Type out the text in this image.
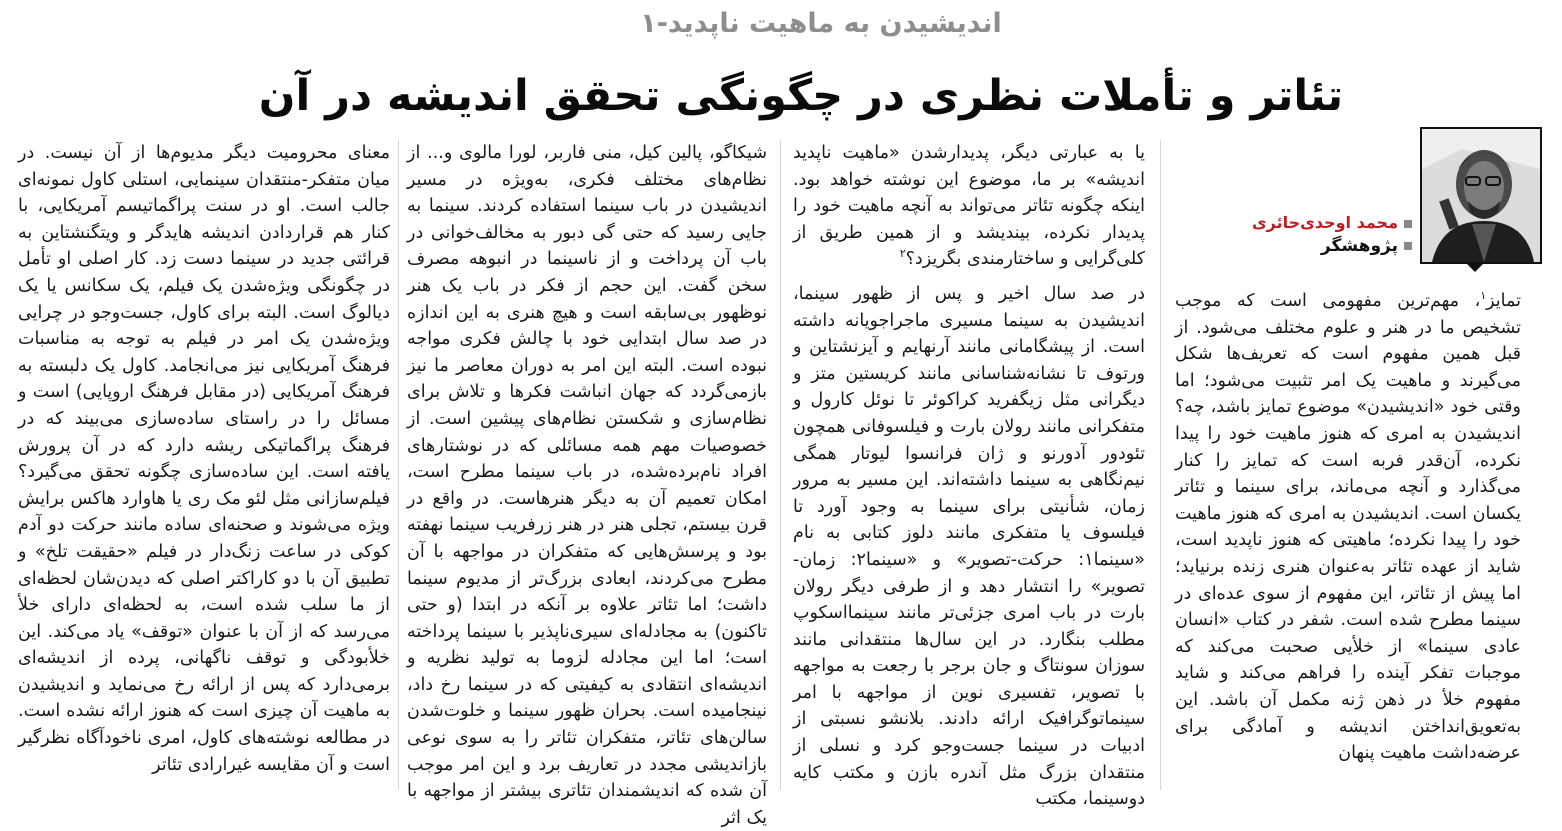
اندیشیدن به ماهیت ناپدید-۱
تئاتر و تأملات نظری در چگونگی تحقق اندیشه در آن
محمد اوحدی‌حائری
پژوهشگر

تمایز$^۱$، مهم‌ترین مفهومی است که موجب تشخیص ما در هنر و علوم مختلف می‌شود. از قبل همین مفهوم است که تعریف‌ها شکل می‌گیرند و ماهیت یک امر تثبیت می‌شود؛ اما وقتی خود «اندیشیدن» موضوع تمایز باشد، چه؟ اندیشیدن به امری که هنوز ماهیت خود را پیدا نکرده، آن‌قدر فربه است که تمایز را کنار می‌گذارد و آنچه می‌ماند، برای سینما و تئاتر یکسان است. اندیشیدن به امری که هنوز ماهیت خود را پیدا نکرده؛ ماهیتی که هنوز ناپدید است، شاید از عهده تئاتر به‌عنوان هنری زنده برنیاید؛ اما پیش از تئاتر، این مفهوم از سوی عده‌ای در سینما مطرح شده است. شفر در کتاب «انسان عادی سینما» از خلأیی صحبت می‌کند که موجبات تفکر آینده را فراهم می‌کند و شاید مفهوم خلأ در ذهن ژنه مکمل آن باشد. این به‌تعویق‌انداختن اندیشه و آمادگی برای عرضه‌داشت ماهیت پنهان

یا به عبارتی دیگر، پدیدارشدن «ماهیت ناپدید اندیشه» بر ما، موضوع این نوشته خواهد بود. اینکه چگونه تئاتر می‌تواند به آنچه ماهیت خود را پدیدار نکرده، بیندیشد و از همین طریق از کلی‌گرایی و ساختارمندی بگریزد؟$^۲$

در صد سال اخیر و پس از ظهور سینما، اندیشیدن به سینما مسیری ماجراجویانه داشته است. از پیشگامانی مانند آرنهایم و آیزنشتاین و ورتوف تا نشانه‌شناسانی مانند کریستین متز و دیگرانی مثل زیگفرید کراکوئر تا نوئل کارول و متفکرانی مانند رولان بارت و فیلسوفانی همچون تئودور آدورنو و ژان فرانسوا لیوتار همگی نیم‌نگاهی به سینما داشته‌اند. این مسیر به مرور زمان، شأنیتی برای سینما به وجود آورد تا فیلسوف یا متفکری مانند دلوز کتابی به نام «سینما۱: حرکت-تصویر» و «سینما۲: زمان-تصویر» را انتشار دهد و از طرفی دیگر رولان بارت در باب امری جزئی‌تر مانند سینمااسکوپ مطلب بنگارد. در این سال‌ها منتقدانی مانند سوزان سونتاگ و جان برجر با رجعت به مواجهه با تصویر، تفسیری نوین از مواجهه با امر سینماتوگرافیک ارائه دادند. بلانشو نسبتی از ادبیات در سینما جست‌وجو کرد و نسلی از منتقدان بزرگ مثل آندره بازن و مکتب کایه دوسینما، مکتب

شیکاگو، پالین کیل، منی فاربر، لورا مالوی و... از نظام‌های مختلف فکری، به‌ویژه در مسیر اندیشیدن در باب سینما استفاده کردند. سینما به جایی رسید که حتی گی دبور به مخالف‌خوانی در باب آن پرداخت و از ناسینما در انبوهه مصرف سخن گفت. این حجم از فکر در باب یک هنر نوظهور بی‌سابقه است و هیچ هنری به این اندازه در صد سال ابتدایی خود با چالش فکری مواجه نبوده است. البته این امر به دوران معاصر ما نیز بازمی‌گردد که جهان انباشت فکرها و تلاش برای نظام‌سازی و شکستن نظام‌های پیشین است. از خصوصیات مهم همه مسائلی که در نوشتارهای افراد نام‌برده‌شده، در باب سینما مطرح است، امکان تعمیم آن به دیگر هنرهاست. در واقع در قرن بیستم، تجلی هنر در هنر زرفریب سینما نهفته بود و پرسش‌هایی که متفکران در مواجهه با آن مطرح می‌کردند، ابعادی بزرگ‌تر از مدیوم سینما داشت؛ اما تئاتر علاوه بر آنکه در ابتدا (و حتی تاکنون) به مجادله‌ای سیری‌ناپذیر با سینما پرداخته است؛ اما این مجادله لزوما به تولید نظریه و اندیشه‌ای انتقادی به کیفیتی که در سینما رخ داد، نینجامیده است. بحران ظهور سینما و خلوت‌شدن سالن‌های تئاتر، متفکران تئاتر را به سوی نوعی بازاندیشی مجدد در تعاریف برد و این امر موجب آن شده که اندیشمندان تئاتری بیشتر از مواجهه با یک اثر

معنای محرومیت دیگر مدیوم‌ها از آن نیست. در میان متفکر-منتقدان سینمایی، استلی کاول نمونه‌ای جالب است. او در سنت پراگماتیسم آمریکایی، با کنار هم قراردادن اندیشه هایدگر و ویتگنشتاین به قرائتی جدید در سینما دست زد. کار اصلی او تأمل در چگونگی ویژه‌شدن یک فیلم، یک سکانس یا یک دیالوگ است. البته برای کاول، جست‌وجو در چرایی ویژه‌شدن یک امر در فیلم به توجه به مناسبات فرهنگ آمریکایی نیز می‌انجامد. کاول یک دلبسته به فرهنگ آمریکایی (در مقابل فرهنگ اروپایی) است و مسائل را در راستای ساده‌سازی می‌بیند که در فرهنگ پراگماتیکی ریشه دارد که در آن پرورش یافته است. این ساده‌سازی چگونه تحقق می‌گیرد؟ فیلم‌سازانی مثل لئو مک ری یا هاوارد هاکس برایش ویژه می‌شوند و صحنه‌ای ساده مانند حرکت دو آدم کوکی در ساعت زنگ‌دار در فیلم «حقیقت تلخ» و تطبیق آن با دو کاراکتر اصلی که دیدن‌شان لحظه‌ای از ما سلب شده است، به لحظه‌ای دارای خلأ می‌رسد که از آن با عنوان «توقف» یاد می‌کند. این خلأبودگی و توقف ناگهانی، پرده از اندیشه‌ای برمی‌دارد که پس از ارائه رخ می‌نماید و اندیشیدن به ماهیت آن چیزی است که هنوز ارائه نشده است. در مطالعه نوشته‌های کاول، امری ناخودآگاه نظرگیر است و آن مقایسه غیرارادی تئاتر
